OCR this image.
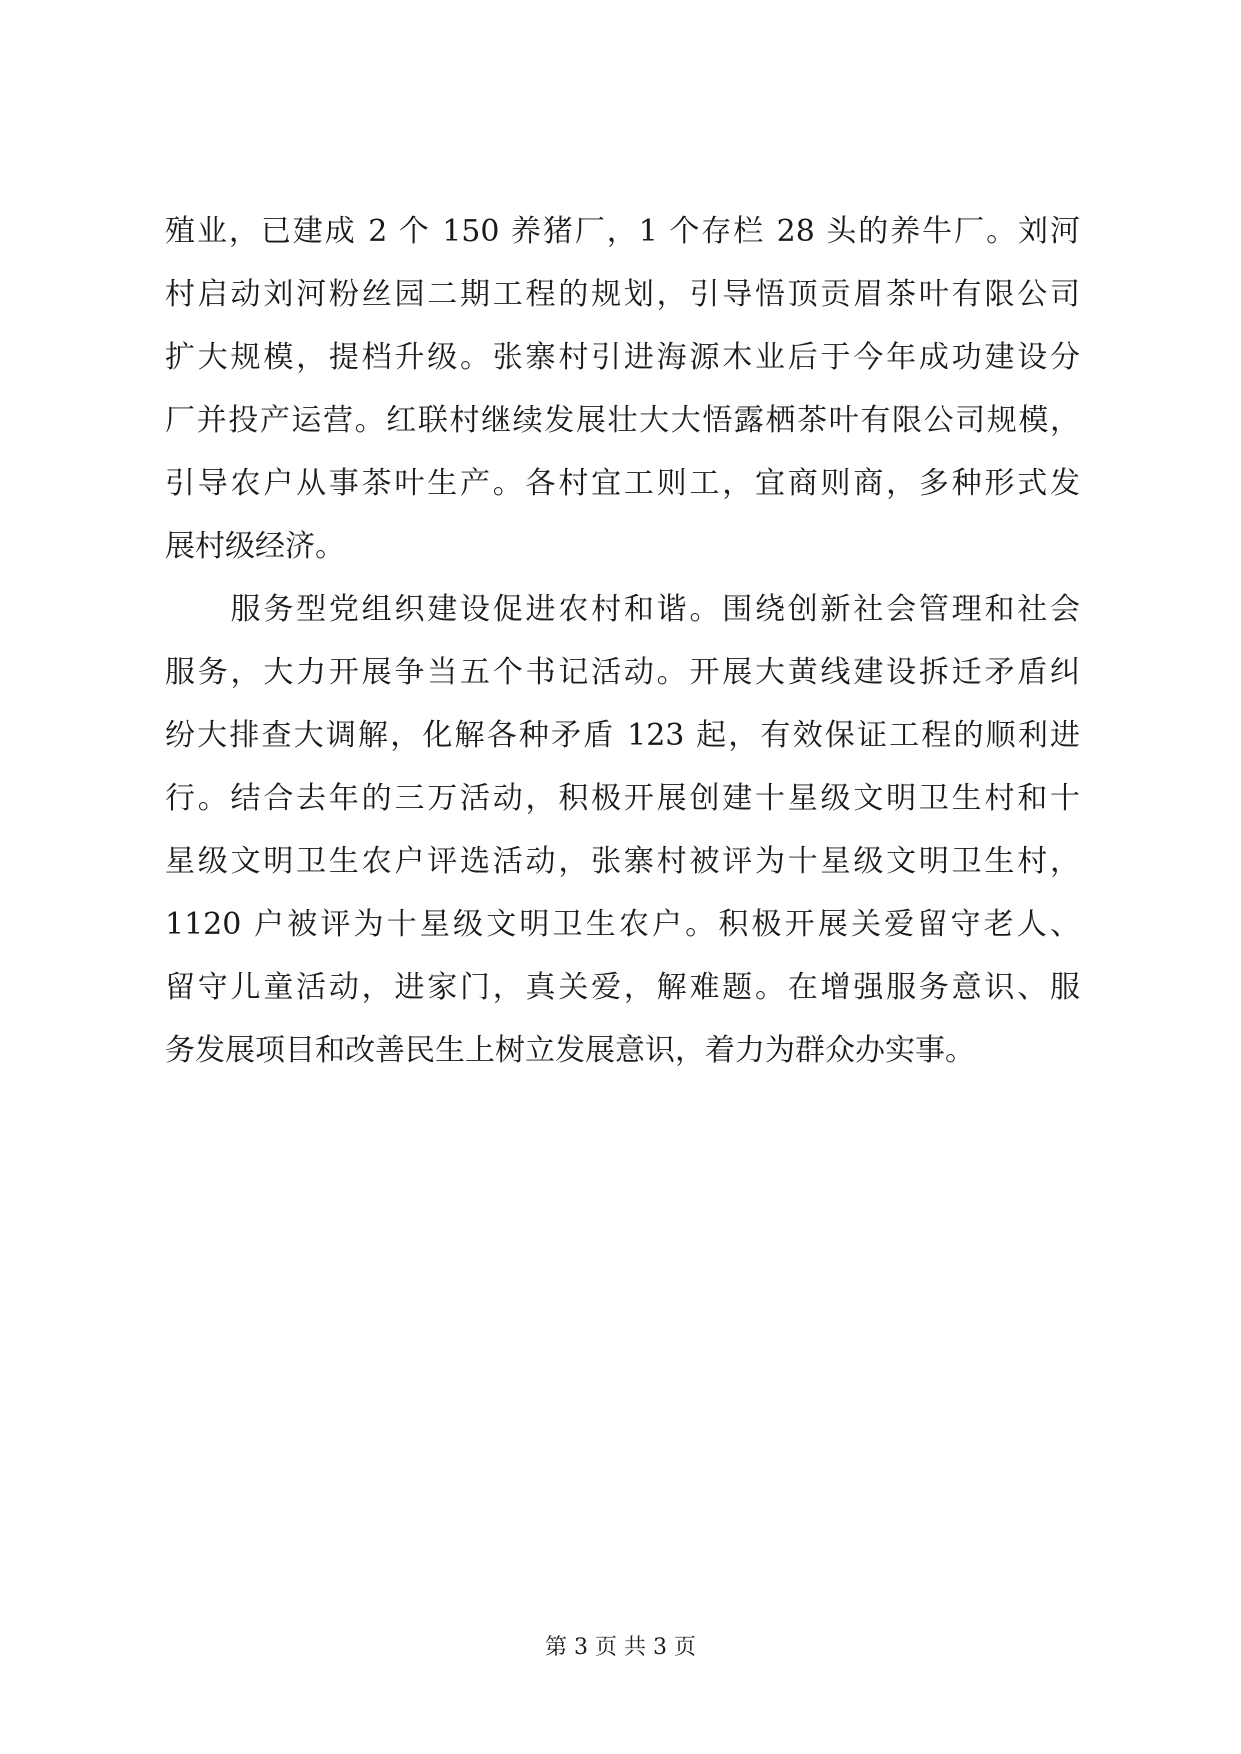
殖业，已建成 2 个 150 养猪厂，1 个存栏 28 头的养牛厂。刘河
村启动刘河粉丝园二期工程的规划，引导悟顶贡眉茶叶有限公司
扩大规模，提档升级。张寨村引进海源木业后于今年成功建设分
厂并投产运营。红联村继续发展壮大大悟露栖茶叶有限公司规模，
引导农户从事茶叶生产。各村宜工则工，宜商则商，多种形式发
展村级经济。
　　服务型党组织建设促进农村和谐。围绕创新社会管理和社会
服务，大力开展争当五个书记活动。开展大黄线建设拆迁矛盾纠
纷大排查大调解，化解各种矛盾 123 起，有效保证工程的顺利进
行。结合去年的三万活动，积极开展创建十星级文明卫生村和十
星级文明卫生农户评选活动，张寨村被评为十星级文明卫生村，
1120 户被评为十星级文明卫生农户。积极开展关爱留守老人、
留守儿童活动，进家门，真关爱，解难题。在增强服务意识、服
务发展项目和改善民生上树立发展意识，着力为群众办实事。
第 3 页 共 3 页
